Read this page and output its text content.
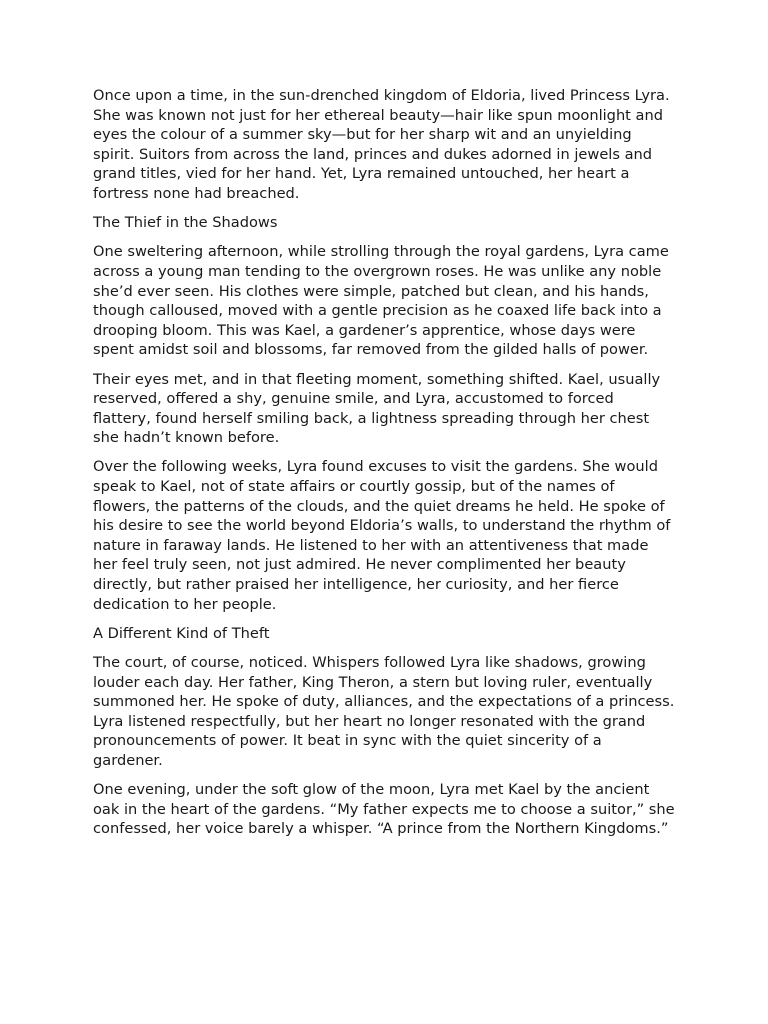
Once upon a time, in the sun-drenched kingdom of Eldoria, lived Princess Lyra. She was known not just for her ethereal beauty—hair like spun moonlight and eyes the colour of a summer sky—but for her sharp wit and an unyielding spirit. Suitors from across the land, princes and dukes adorned in jewels and grand titles, vied for her hand. Yet, Lyra remained untouched, her heart a fortress none had breached.

The Thief in the Shadows

One sweltering afternoon, while strolling through the royal gardens, Lyra came across a young man tending to the overgrown roses. He was unlike any noble she’d ever seen. His clothes were simple, patched but clean, and his hands, though calloused, moved with a gentle precision as he coaxed life back into a drooping bloom. This was Kael, a gardener’s apprentice, whose days were spent amidst soil and blossoms, far removed from the gilded halls of power.

Their eyes met, and in that fleeting moment, something shifted. Kael, usually reserved, offered a shy, genuine smile, and Lyra, accustomed to forced flattery, found herself smiling back, a lightness spreading through her chest she hadn’t known before.

Over the following weeks, Lyra found excuses to visit the gardens. She would speak to Kael, not of state affairs or courtly gossip, but of the names of flowers, the patterns of the clouds, and the quiet dreams he held. He spoke of his desire to see the world beyond Eldoria’s walls, to understand the rhythm of nature in faraway lands. He listened to her with an attentiveness that made her feel truly seen, not just admired. He never complimented her beauty directly, but rather praised her intelligence, her curiosity, and her fierce dedication to her people.

A Different Kind of Theft

The court, of course, noticed. Whispers followed Lyra like shadows, growing louder each day. Her father, King Theron, a stern but loving ruler, eventually summoned her. He spoke of duty, alliances, and the expectations of a princess. Lyra listened respectfully, but her heart no longer resonated with the grand pronouncements of power. It beat in sync with the quiet sincerity of a gardener.

One evening, under the soft glow of the moon, Lyra met Kael by the ancient oak in the heart of the gardens. “My father expects me to choose a suitor,” she confessed, her voice barely a whisper. “A prince from the Northern Kingdoms.”
